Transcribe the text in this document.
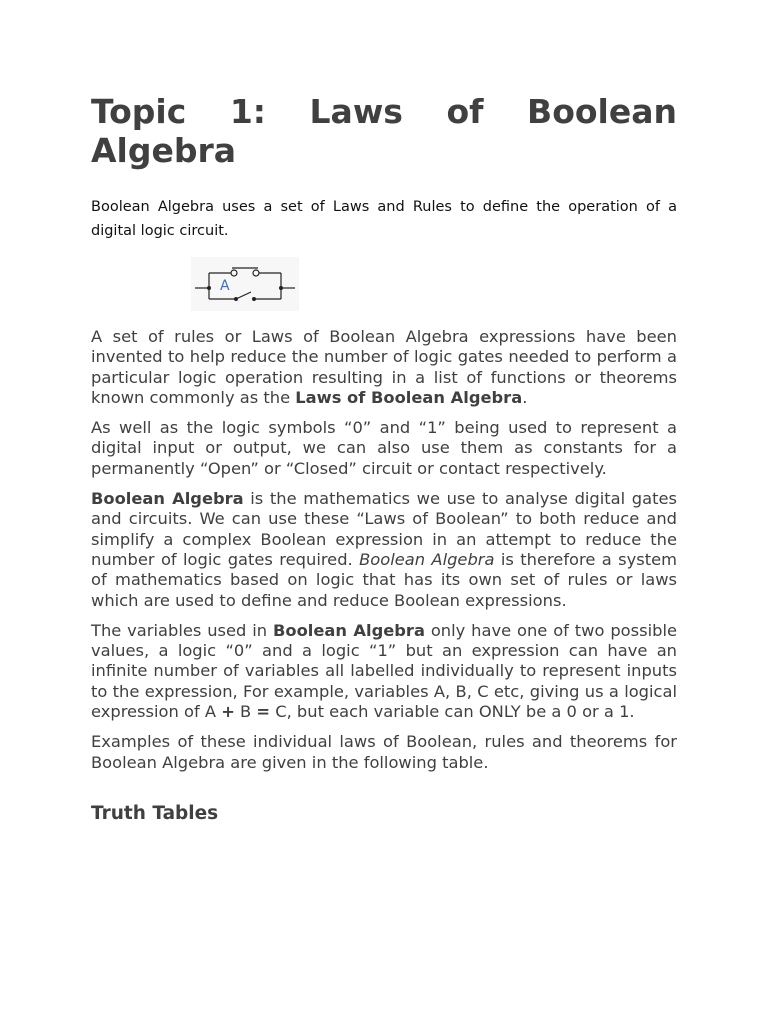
Topic 1: Laws of Boolean
Algebra

Boolean Algebra uses a set of Laws and Rules to define the operation of a digital logic circuit.

A

A set of rules or Laws of Boolean Algebra expressions have been invented to help reduce the number of logic gates needed to perform a particular logic operation resulting in a list of functions or theorems known commonly as the Laws of Boolean Algebra.

As well as the logic symbols “0” and “1” being used to represent a digital input or output, we can also use them as constants for a permanently “Open” or “Closed” circuit or contact respectively.

Boolean Algebra is the mathematics we use to analyse digital gates and circuits. We can use these “Laws of Boolean” to both reduce and simplify a complex Boolean expression in an attempt to reduce the number of logic gates required. Boolean Algebra is therefore a system of mathematics based on logic that has its own set of rules or laws which are used to define and reduce Boolean expressions.

The variables used in Boolean Algebra only have one of two possible values, a logic “0” and a logic “1” but an expression can have an infinite number of variables all labelled individually to represent inputs to the expression, For example, variables A, B, C etc, giving us a logical expression of A + B = C, but each variable can ONLY be a 0 or a 1.

Examples of these individual laws of Boolean, rules and theorems for Boolean Algebra are given in the following table.

Truth Tables
